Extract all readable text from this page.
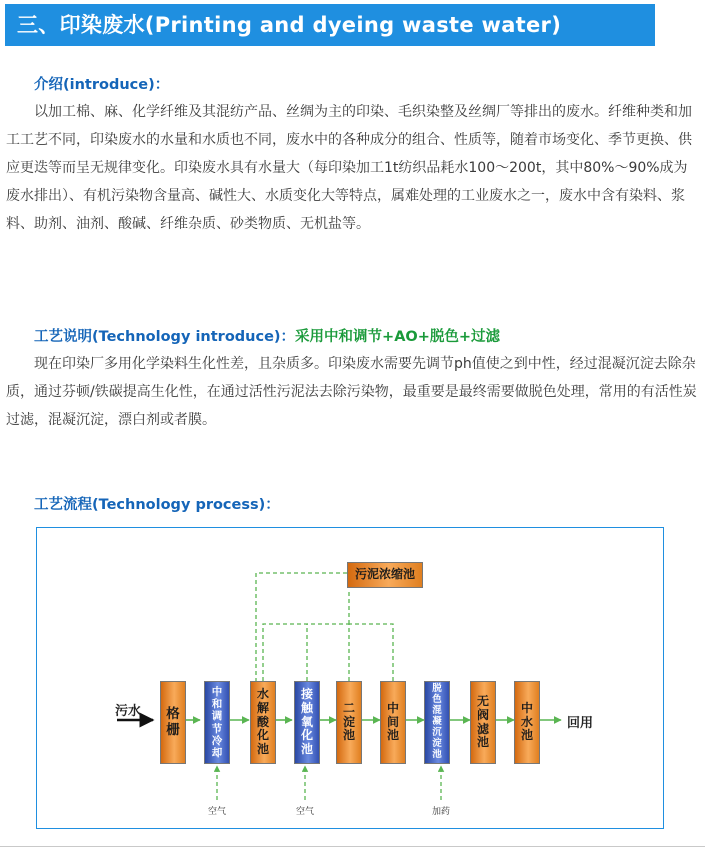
三、印染废水(Printing and dyeing waste water)
介绍(introduce)：

以加工棉、麻、化学纤维及其混纺产品、丝绸为主的印染、毛织染整及丝绸厂等排出的废水。纤维种类和加工工艺不同，印染废水的水量和水质也不同，废水中的各种成分的组合、性质等，随着市场变化、季节更换、供应更迭等而呈无规律变化。印染废水具有水量大（每印染加工1t纺织品耗水100～200t，其中80%～90%成为废水排出）、有机污染物含量高、碱性大、水质变化大等特点，属难处理的工业废水之一，废水中含有染料、浆料、助剂、油剂、酸碱、纤维杂质、砂类物质、无机盐等。

工艺说明(Technology introduce)：采用中和调节+AO+脱色+过滤

现在印染厂多用化学染料生化性差，且杂质多。印染废水需要先调节ph值使之到中性，经过混凝沉淀去除杂质，通过芬顿/铁碳提高生化性，在通过活性污泥法去除污染物，最重要是最终需要做脱色处理，常用的有活性炭过滤，混凝沉淀，漂白剂或者膜。

工艺流程(Technology process)：
污水
污泥浓缩池
格
栅
中
和
调
节
冷
却
水
解
酸
化
池
接
触
氧
化
池
二
淀
池
中
间
池
脱
色
混
凝
沉
淀
池
无
阀
滤
池
中
水
池
回用
空气	空气	加药
